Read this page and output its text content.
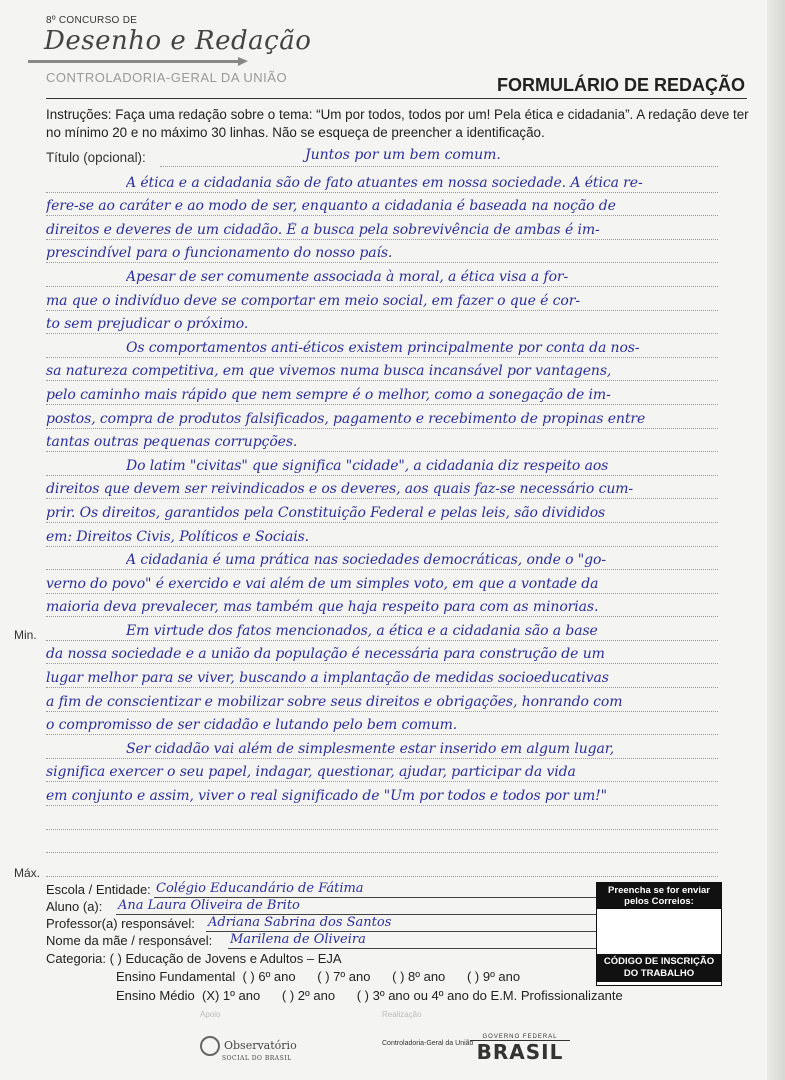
8º CONCURSO DE
Desenho e Redação
CONTROLADORIA-GERAL DA UNIÃO	FORMULÁRIO DE REDAÇÃO
Instruções: Faça uma redação sobre o tema: “Um por todos, todos por um! Pela ética e cidadania”. A redação deve ter no mínimo 20 e no máximo 30 linhas. Não se esqueça de preencher a identificação.
Título (opcional):	Juntos por um bem comum.
A ética e a cidadania são de fato atuantes em nossa sociedade. A ética re-
fere-se ao caráter e ao modo de ser, enquanto a cidadania é baseada na noção de
direitos e deveres de um cidadão. É a busca pela sobrevivência de ambas é im-
prescindível para o funcionamento do nosso país.
Apesar de ser comumente associada à moral, a ética visa a for-
ma que o indivíduo deve se comportar em meio social, em fazer o que é cor-
to sem prejudicar o próximo.
Os comportamentos anti-éticos existem principalmente por conta da nos-
sa natureza competitiva, em que vivemos numa busca incansável por vantagens,
pelo caminho mais rápido que nem sempre é o melhor, como a sonegação de im-
postos, compra de produtos falsificados, pagamento e recebimento de propinas entre
tantas outras pequenas corrupções.
Do latim "civitas" que significa "cidade", a cidadania diz respeito aos
direitos que devem ser reivindicados e os deveres, aos quais faz-se necessário cum-
prir. Os direitos, garantidos pela Constituição Federal e pelas leis, são divididos
em: Direitos Civis, Políticos e Sociais.
A cidadania é uma prática nas sociedades democráticas, onde o "go-
verno do povo" é exercido e vai além de um simples voto, em que a vontade da
maioria deva prevalecer, mas também que haja respeito para com as minorias.
Em virtude dos fatos mencionados, a ética e a cidadania são a base
da nossa sociedade e a união da população é necessária para construção de um
lugar melhor para se viver, buscando a implantação de medidas socioeducativas
a fim de conscientizar e mobilizar sobre seus direitos e obrigações, honrando com
o compromisso de ser cidadão e lutando pelo bem comum.
Ser cidadão vai além de simplesmente estar inserido em algum lugar,
significa exercer o seu papel, indagar, questionar, ajudar, participar da vida
em conjunto e assim, viver o real significado de "Um por todos e todos por um!"
Min.
Máx.
Escola / Entidade: Colégio Educandário de Fátima
Aluno (a): Ana Laura Oliveira de Brito
Professor(a) responsável: Adriana Sabrina dos Santos
Nome da mãe / responsável: Marilena de Oliveira
Categoria: ( ) Educação de Jovens e Adultos – EJA
Ensino Fundamental  ( ) 6º ano      ( ) 7º ano      ( ) 8º ano      ( ) 9º ano
Ensino Médio  (X) 1º ano      ( ) 2º ano      ( ) 3º ano ou 4º ano do E.M. Profissionalizante
Preencha se for enviar pelos Correios:
CÓDIGO DE INSCRIÇÃO DO TRABALHO
Apoio	Realização
Observatório
SOCIAL DO BRASIL
Controladoria-Geral da União
GOVERNO FEDERAL
BRASIL
